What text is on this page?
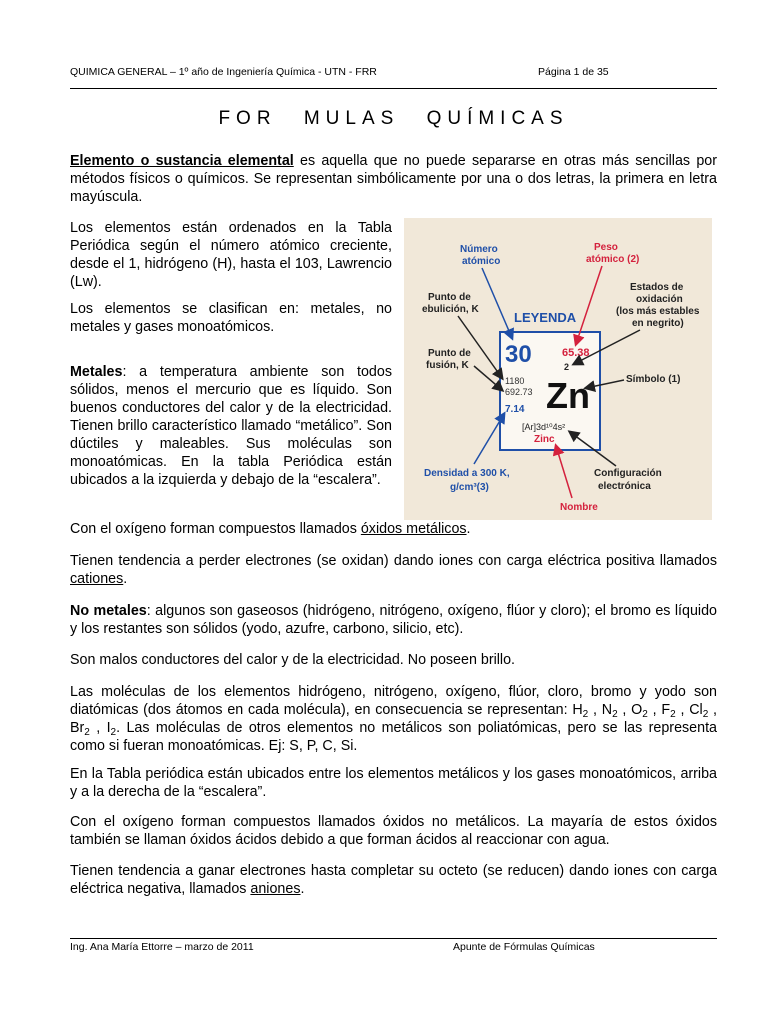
QUIMICA GENERAL – 1º año de Ingeniería Química - UTN - FRR	Página 1 de 35
FOR MULAS QUÍMICAS

Elemento o sustancia elemental es aquella que no puede separarse en otras más sencillas por métodos físicos o químicos. Se representan simbólicamente por una o dos letras, la primera en letra mayúscula.

Los elementos están ordenados en la Tabla Periódica según el número atómico creciente, desde el 1, hidrógeno (H), hasta el 103, Lawrencio (Lw).

Los elementos se clasifican en: metales, no metales y gases monoatómicos.

Metales: a temperatura ambiente son todos sólidos, menos el mercurio que es líquido. Son buenos conductores del calor y de la electricidad. Tienen brillo característico llamado “metálico”. Son dúctiles y maleables. Sus moléculas son monoatómicas. En la tabla Periódica están ubicados a la izquierda y debajo de la “escalera”.

Número
atómico
Peso
atómico (2)
Estados de
oxidación
(los más estables
en negrito)
Punto de
ebulición, K
Punto de
fusión, K
Símbolo (1)
Densidad a 300 K,
g/cm³(3)
Configuración
electrónica
Nombre
LEYENDA
30	65.38
2
1180
692.73
7.14 Zn
[Ar]3d¹⁰4s²
Zinc

Con el oxígeno forman compuestos llamados óxidos metálicos.

Tienen tendencia a perder electrones (se oxidan) dando iones con carga eléctrica positiva llamados cationes.

No metales: algunos son gaseosos (hidrógeno, nitrógeno, oxígeno, flúor y cloro); el bromo es líquido y los restantes son sólidos (yodo, azufre, carbono, silicio, etc).

Son malos conductores del calor y de la electricidad. No poseen brillo.

Las moléculas de los elementos hidrógeno, nitrógeno, oxígeno, flúor, cloro, bromo y yodo son diatómicas (dos átomos en cada molécula), en consecuencia se representan: $H_2$ , $N_2$ , $O_2$ , $F_2$ , $Cl_2$ , $Br_2$ , $I_2$. Las moléculas de otros elementos no metálicos son poliatómicas, pero se las representa como si fueran monoatómicas. Ej: S, P, C, Si.

En la Tabla periódica están ubicados entre los elementos metálicos y los gases monoatómicos, arriba y a la derecha de la “escalera”.

Con el oxígeno forman compuestos llamados óxidos no metálicos. La mayaría de estos óxidos también se llaman óxidos ácidos debido a que forman ácidos al reaccionar con agua.

Tienen tendencia a ganar electrones hasta completar su octeto (se reducen) dando iones con carga eléctrica negativa, llamados aniones.

Ing. Ana María Ettorre – marzo de 2011	Apunte de Fórmulas Químicas
